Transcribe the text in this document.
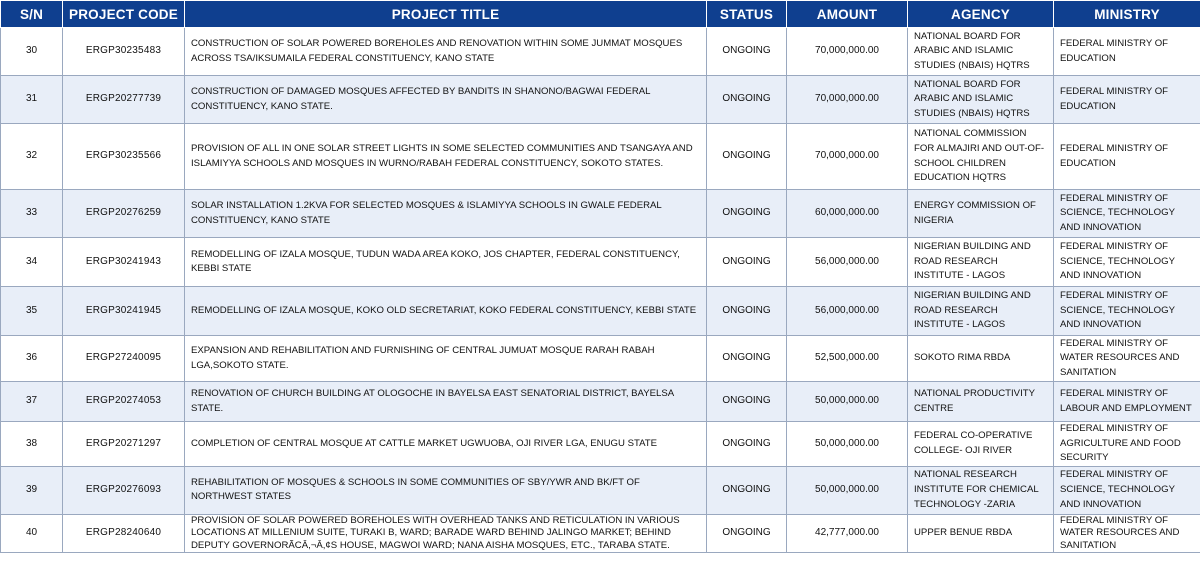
S/N	PROJECT CODE	PROJECT TITLE	STATUS	AMOUNT	AGENCY	MINISTRY
30	ERGP30235483	CONSTRUCTION OF SOLAR POWERED BOREHOLES AND RENOVATION WITHIN SOME JUMMAT MOSQUES ACROSS TSA/IKSUMAILA FEDERAL CONSTITUENCY, KANO STATE	ONGOING	70,000,000.00	NATIONAL BOARD FOR ARABIC AND ISLAMIC STUDIES (NBAIS) HQTRS	FEDERAL MINISTRY OF EDUCATION
31	ERGP20277739	CONSTRUCTION OF DAMAGED MOSQUES AFFECTED BY BANDITS IN SHANONO/BAGWAI FEDERAL CONSTITUENCY, KANO STATE.	ONGOING	70,000,000.00	NATIONAL BOARD FOR ARABIC AND ISLAMIC STUDIES (NBAIS) HQTRS	FEDERAL MINISTRY OF EDUCATION
32	ERGP30235566	PROVISION OF ALL IN ONE SOLAR STREET LIGHTS IN SOME SELECTED COMMUNITIES AND TSANGAYA AND ISLAMIYYA SCHOOLS AND MOSQUES IN WURNO/RABAH FEDERAL CONSTITUENCY, SOKOTO STATES.	ONGOING	70,000,000.00	NATIONAL COMMISSION FOR ALMAJIRI AND OUT-OF-SCHOOL CHILDREN EDUCATION HQTRS	FEDERAL MINISTRY OF EDUCATION
33	ERGP20276259	SOLAR INSTALLATION 1.2KVA FOR SELECTED MOSQUES & ISLAMIYYA SCHOOLS IN GWALE FEDERAL CONSTITUENCY, KANO STATE	ONGOING	60,000,000.00	ENERGY COMMISSION OF NIGERIA	FEDERAL MINISTRY OF SCIENCE, TECHNOLOGY AND INNOVATION
34	ERGP30241943	REMODELLING OF IZALA MOSQUE, TUDUN WADA AREA KOKO, JOS CHAPTER, FEDERAL CONSTITUENCY, KEBBI STATE	ONGOING	56,000,000.00	NIGERIAN BUILDING AND ROAD RESEARCH INSTITUTE - LAGOS	FEDERAL MINISTRY OF SCIENCE, TECHNOLOGY AND INNOVATION
35	ERGP30241945	REMODELLING OF IZALA MOSQUE, KOKO OLD SECRETARIAT, KOKO FEDERAL CONSTITUENCY, KEBBI STATE	ONGOING	56,000,000.00	NIGERIAN BUILDING AND ROAD RESEARCH INSTITUTE - LAGOS	FEDERAL MINISTRY OF SCIENCE, TECHNOLOGY AND INNOVATION
36	ERGP27240095	EXPANSION AND REHABILITATION AND FURNISHING OF CENTRAL JUMUAT MOSQUE RARAH RABAH LGA,SOKOTO STATE.	ONGOING	52,500,000.00	SOKOTO RIMA RBDA	FEDERAL MINISTRY OF WATER RESOURCES AND SANITATION
37	ERGP20274053	RENOVATION OF CHURCH BUILDING AT OLOGOCHE IN BAYELSA EAST SENATORIAL DISTRICT, BAYELSA STATE.	ONGOING	50,000,000.00	NATIONAL PRODUCTIVITY CENTRE	FEDERAL MINISTRY OF LABOUR AND EMPLOYMENT
38	ERGP20271297	COMPLETION OF CENTRAL MOSQUE AT CATTLE MARKET UGWUOBA, OJI RIVER LGA, ENUGU STATE	ONGOING	50,000,000.00	FEDERAL CO-OPERATIVE COLLEGE- OJI RIVER	FEDERAL MINISTRY OF AGRICULTURE AND FOOD SECURITY
39	ERGP20276093	REHABILITATION OF MOSQUES & SCHOOLS IN SOME COMMUNITIES OF SBY/YWR AND BK/FT OF NORTHWEST STATES	ONGOING	50,000,000.00	NATIONAL RESEARCH INSTITUTE FOR CHEMICAL TECHNOLOGY -ZARIA	FEDERAL MINISTRY OF SCIENCE, TECHNOLOGY AND INNOVATION
40	ERGP28240640	PROVISION OF SOLAR POWERED BOREHOLES WITH OVERHEAD TANKS AND RETICULATION IN VARIOUS LOCATIONS AT MILLENIUM SUITE, TURAKI B, WARD; BARADE WARD BEHIND JALINGO MARKET; BEHIND DEPUTY GOVERNORÃCÂ,¬Â,¢S HOUSE, MAGWOI WARD; NANA AISHA MOSQUES, ETC., TARABA STATE.	ONGOING	42,777,000.00	UPPER BENUE RBDA	FEDERAL MINISTRY OF WATER RESOURCES AND SANITATION
